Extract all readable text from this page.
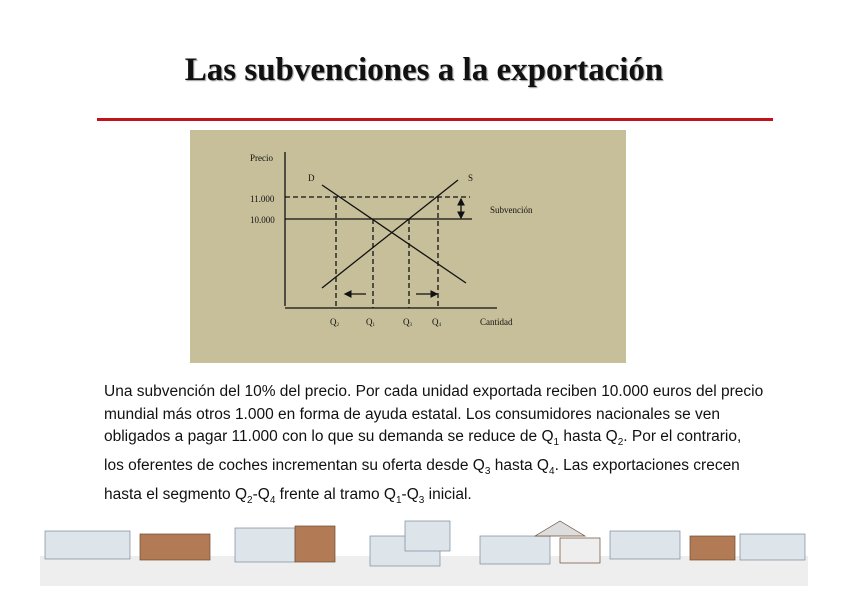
Las subvenciones a la exportación
Precio
D	S
11.000
10.000
Subvención
Q2	Q1	Q3 Q4	Cantidad
Una subvención del 10% del precio. Por cada unidad exportada reciben 10.000 euros del precio mundial más otros 1.000 en forma de ayuda estatal. Los consumidores nacionales se ven obligados a pagar 11.000 con lo que su demanda se reduce de $Q_1$ hasta $Q_2$. Por el contrario, los oferentes de coches incrementan su oferta desde $Q_3$ hasta $Q_4$. Las exportaciones crecen hasta el segmento $Q_2-Q_4$ frente al tramo $Q_1-Q_3$ inicial.
